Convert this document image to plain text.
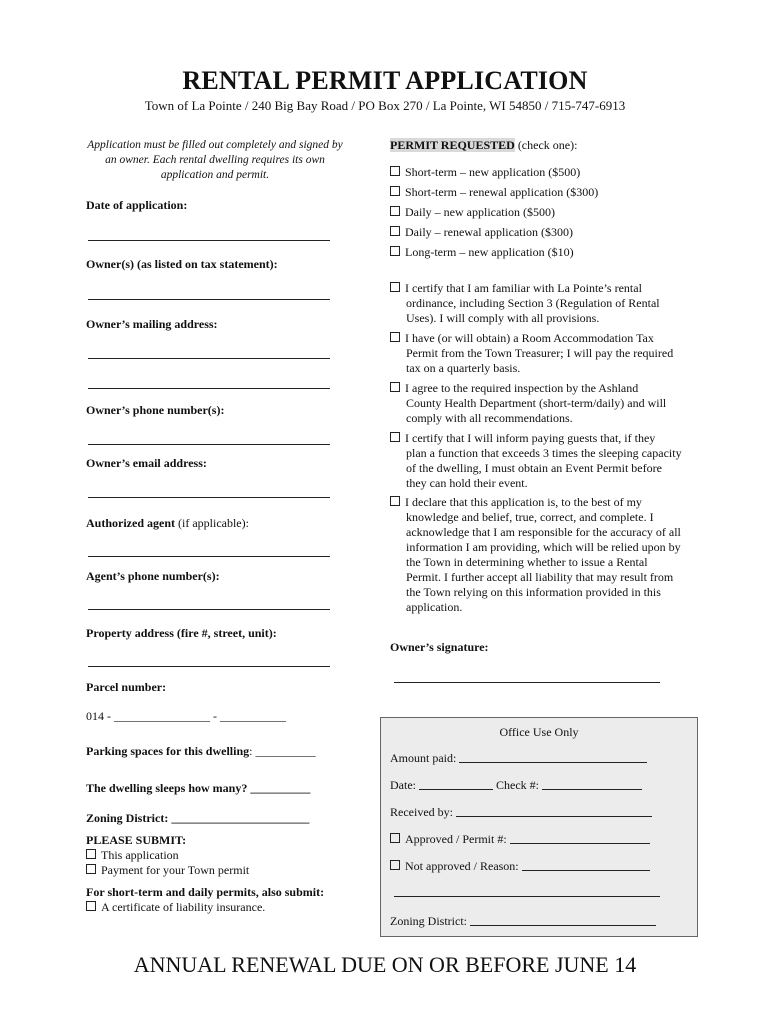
RENTAL PERMIT APPLICATION
Town of La Pointe / 240 Big Bay Road / PO Box 270 / La Pointe, WI 54850 / 715-747-6913
Application must be filled out completely and signed by an owner. Each rental dwelling requires its own application and permit.
Date of application:
Owner(s) (as listed on tax statement):
Owner’s mailing address:
Owner’s phone number(s):
Owner’s email address:
Authorized agent (if applicable):
Agent’s phone number(s):
Property address (fire #, street, unit):
Parcel number:
014 - ________________ - ___________
Parking spaces for this dwelling: __________
The dwelling sleeps how many? __________
Zoning District: _______________________
PLEASE SUBMIT:
This application
Payment for your Town permit
For short-term and daily permits, also submit:
A certificate of liability insurance.
PERMIT REQUESTED (check one):
Short-term – new application ($500)
Short-term – renewal application ($300)
Daily – new application ($500)
Daily – renewal application ($300)
Long-term – new application ($10)
I certify that I am familiar with La Pointe’s rental
ordinance, including Section 3 (Regulation of Rental Uses). I will comply with all provisions.
I have (or will obtain) a Room Accommodation Tax
Permit from the Town Treasurer; I will pay the required tax on a quarterly basis.
I agree to the required inspection by the Ashland
County Health Department (short-term/daily) and will comply with all recommendations.
I certify that I will inform paying guests that, if they
plan a function that exceeds 3 times the sleeping capacity of the dwelling, I must obtain an Event Permit before they can hold their event.
I declare that this application is, to the best of my
knowledge and belief, true, correct, and complete. I acknowledge that I am responsible for the accuracy of all information I am providing, which will be relied upon by the Town in determining whether to issue a Rental Permit. I further accept all liability that may result from the Town relying on this information provided in this application.
Owner’s signature:
Office Use Only
Amount paid:
Date:	Check #:
Received by:
Approved / Permit #:
Not approved / Reason:
Zoning District:
ANNUAL RENEWAL DUE ON OR BEFORE JUNE 14
